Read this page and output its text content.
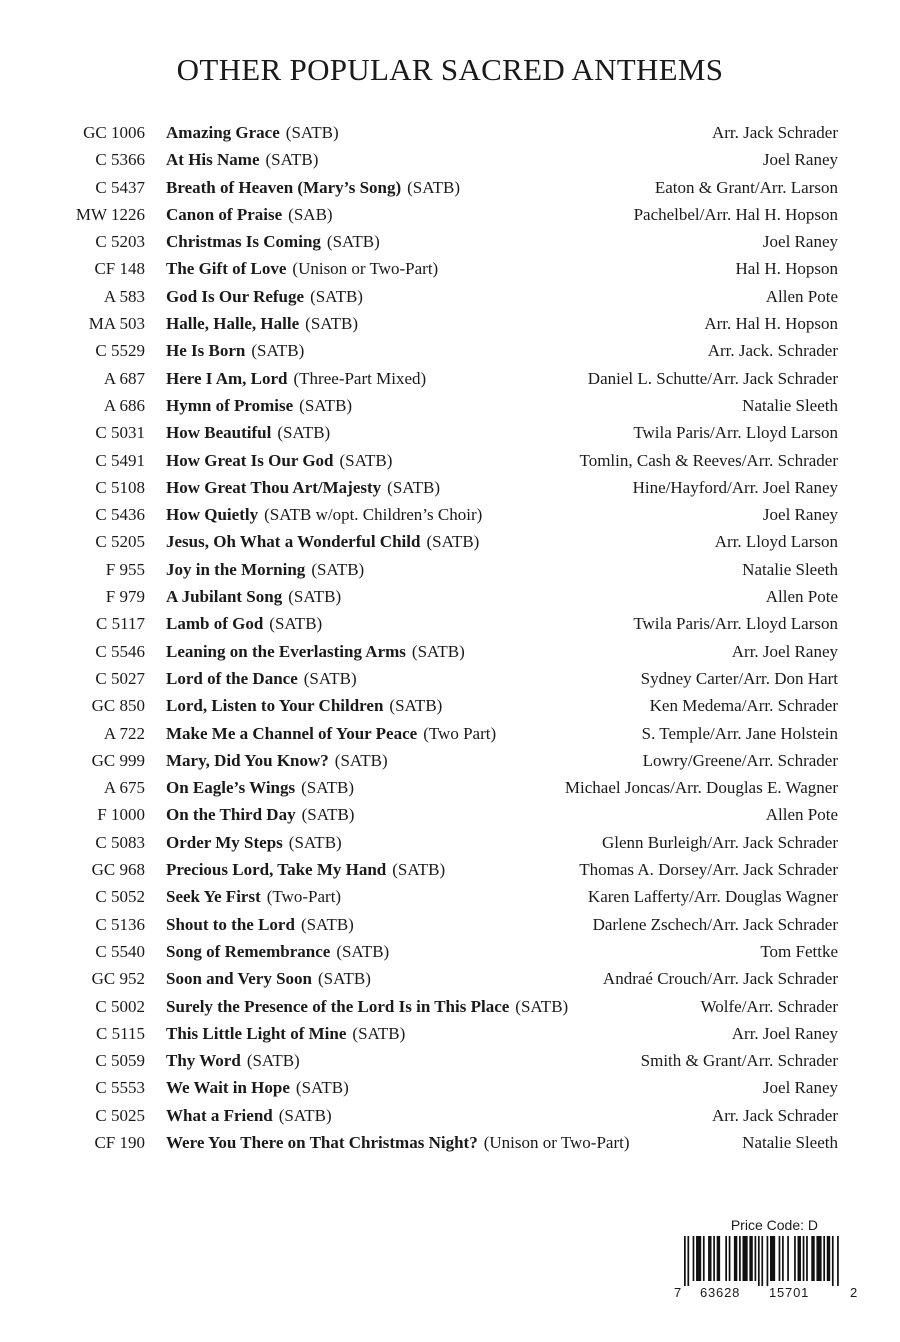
OTHER POPULAR SACRED ANTHEMS
GC 1006 Amazing Grace (SATB)	Arr. Jack Schrader
C 5366 At His Name (SATB)	Joel Raney
C 5437 Breath of Heaven (Mary’s Song) (SATB)	Eaton & Grant/Arr. Larson
MW 1226 Canon of Praise (SAB)	Pachelbel/Arr. Hal H. Hopson
C 5203 Christmas Is Coming (SATB)	Joel Raney
CF 148 The Gift of Love (Unison or Two-Part)	Hal H. Hopson
A 583 God Is Our Refuge (SATB)	Allen Pote
MA 503 Halle, Halle, Halle (SATB)	Arr. Hal H. Hopson
C 5529 He Is Born (SATB)	Arr. Jack. Schrader
A 687 Here I Am, Lord (Three-Part Mixed)	Daniel L. Schutte/Arr. Jack Schrader
A 686 Hymn of Promise (SATB)	Natalie Sleeth
C 5031 How Beautiful (SATB)	Twila Paris/Arr. Lloyd Larson
C 5491 How Great Is Our God (SATB)	Tomlin, Cash & Reeves/Arr. Schrader
C 5108 How Great Thou Art/Majesty (SATB)	Hine/Hayford/Arr. Joel Raney
C 5436 How Quietly (SATB w/opt. Children’s Choir)	Joel Raney
C 5205 Jesus, Oh What a Wonderful Child (SATB)	Arr. Lloyd Larson
F 955 Joy in the Morning (SATB)	Natalie Sleeth
F 979 A Jubilant Song (SATB)	Allen Pote
C 5117 Lamb of God (SATB)	Twila Paris/Arr. Lloyd Larson
C 5546 Leaning on the Everlasting Arms (SATB)	Arr. Joel Raney
C 5027 Lord of the Dance (SATB)	Sydney Carter/Arr. Don Hart
GC 850 Lord, Listen to Your Children (SATB)	Ken Medema/Arr. Schrader
A 722 Make Me a Channel of Your Peace (Two Part)	S. Temple/Arr. Jane Holstein
GC 999 Mary, Did You Know? (SATB)	Lowry/Greene/Arr. Schrader
A 675 On Eagle’s Wings (SATB)	Michael Joncas/Arr. Douglas E. Wagner
F 1000 On the Third Day (SATB)	Allen Pote
C 5083 Order My Steps (SATB)	Glenn Burleigh/Arr. Jack Schrader
GC 968 Precious Lord, Take My Hand (SATB)	Thomas A. Dorsey/Arr. Jack Schrader
C 5052 Seek Ye First (Two-Part)	Karen Lafferty/Arr. Douglas Wagner
C 5136 Shout to the Lord (SATB)	Darlene Zschech/Arr. Jack Schrader
C 5540 Song of Remembrance (SATB)	Tom Fettke
GC 952 Soon and Very Soon (SATB)	Andraé Crouch/Arr. Jack Schrader
C 5002 Surely the Presence of the Lord Is in This Place (SATB)	Wolfe/Arr. Schrader
C 5115 This Little Light of Mine (SATB)	Arr. Joel Raney
C 5059 Thy Word (SATB)	Smith & Grant/Arr. Schrader
C 5553 We Wait in Hope (SATB)	Joel Raney
C 5025 What a Friend (SATB)	Arr. Jack Schrader
CF 190 Were You There on That Christmas Night? (Unison or Two-Part)	Natalie Sleeth
Price Code: D
7 63628 15701	2
